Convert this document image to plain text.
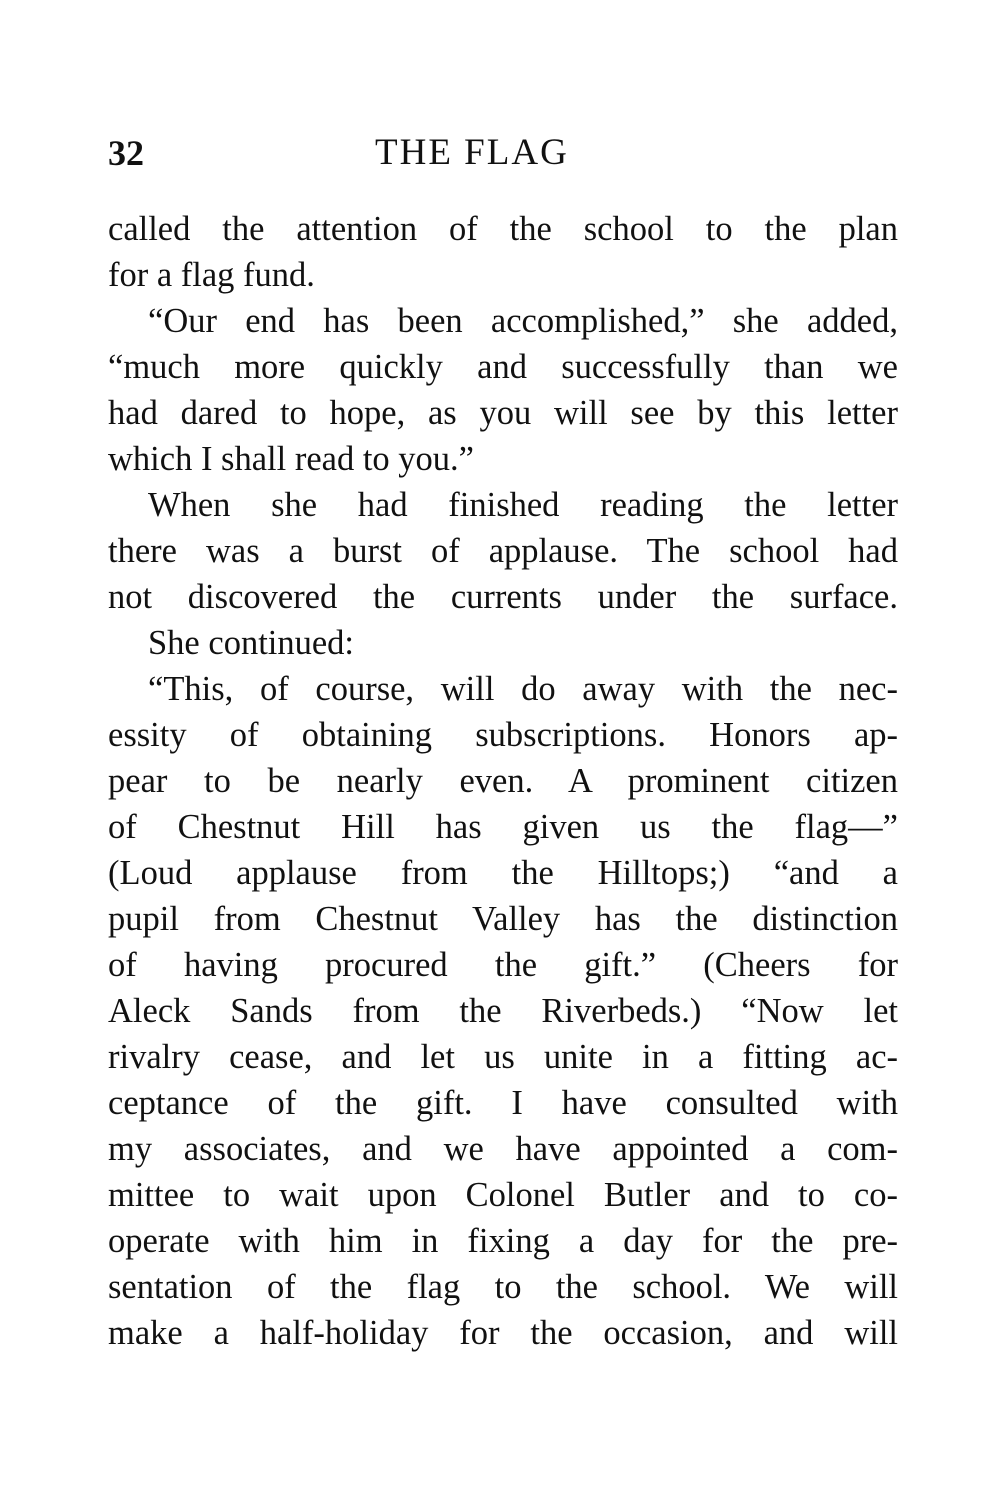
32	THE FLAG
called the attention of the school to the plan
for a flag fund.
“Our end has been accomplished,” she added,
“much more quickly and successfully than we
had dared to hope, as you will see by this letter
which I shall read to you.”
When she had finished reading the letter
there was a burst of applause. The school had
not discovered the currents under the surface.
She continued:
“This, of course, will do away with the nec-
essity of obtaining subscriptions. Honors ap-
pear to be nearly even. A prominent citizen
of Chestnut Hill has given us the flag—”
(Loud applause from the Hilltops;) “and a
pupil from Chestnut Valley has the distinction
of having procured the gift.” (Cheers for
Aleck Sands from the Riverbeds.) “Now let
rivalry cease, and let us unite in a fitting ac-
ceptance of the gift. I have consulted with
my associates, and we have appointed a com-
mittee to wait upon Colonel Butler and to co-
operate with him in fixing a day for the pre-
sentation of the flag to the school. We will
make a half-holiday for the occasion, and will
